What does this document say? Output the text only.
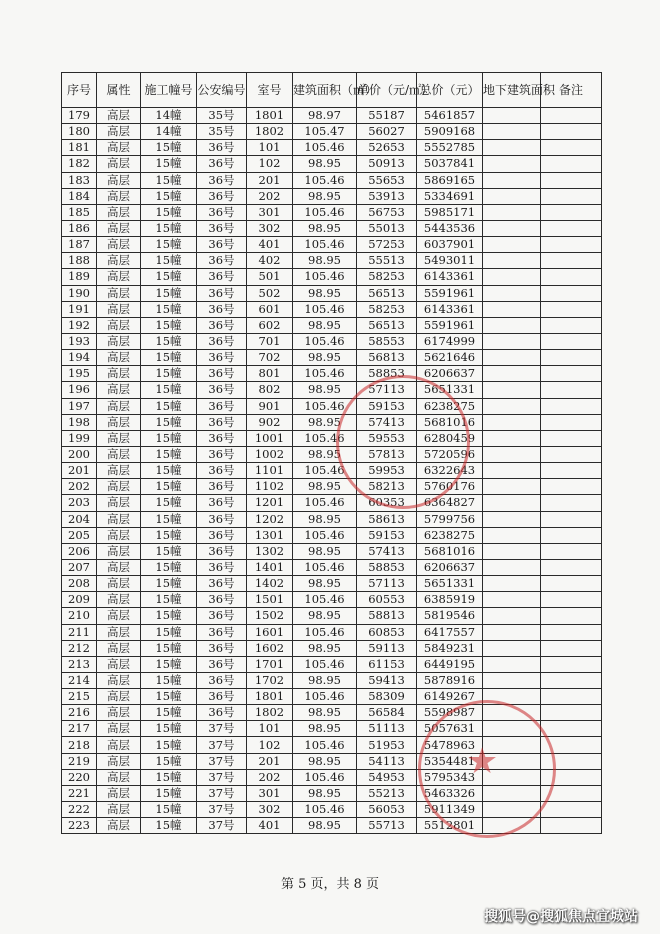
序号	属性	施工幢号	公安编号	室号	建筑面积（㎡）	单价（元/㎡）	总价（元）	地下建筑面积	备注
179	高层	14幢	35号	1801	98.97	55187	5461857		
180	高层	14幢	35号	1802	105.47	56027	5909168		
181	高层	15幢	36号	101	105.46	52653	5552785		
182	高层	15幢	36号	102	98.95	50913	5037841		
183	高层	15幢	36号	201	105.46	55653	5869165		
184	高层	15幢	36号	202	98.95	53913	5334691		
185	高层	15幢	36号	301	105.46	56753	5985171		
186	高层	15幢	36号	302	98.95	55013	5443536		
187	高层	15幢	36号	401	105.46	57253	6037901		
188	高层	15幢	36号	402	98.95	55513	5493011		
189	高层	15幢	36号	501	105.46	58253	6143361		
190	高层	15幢	36号	502	98.95	56513	5591961		
191	高层	15幢	36号	601	105.46	58253	6143361		
192	高层	15幢	36号	602	98.95	56513	5591961		
193	高层	15幢	36号	701	105.46	58553	6174999		
194	高层	15幢	36号	702	98.95	56813	5621646		
195	高层	15幢	36号	801	105.46	58853	6206637		
196	高层	15幢	36号	802	98.95	57113	5651331		
197	高层	15幢	36号	901	105.46	59153	6238275		
198	高层	15幢	36号	902	98.95	57413	5681016		
199	高层	15幢	36号	1001	105.46	59553	6280459		
200	高层	15幢	36号	1002	98.95	57813	5720596		
201	高层	15幢	36号	1101	105.46	59953	6322643		
202	高层	15幢	36号	1102	98.95	58213	5760176		
203	高层	15幢	36号	1201	105.46	60353	6364827		
204	高层	15幢	36号	1202	98.95	58613	5799756		
205	高层	15幢	36号	1301	105.46	59153	6238275		
206	高层	15幢	36号	1302	98.95	57413	5681016		
207	高层	15幢	36号	1401	105.46	58853	6206637		
208	高层	15幢	36号	1402	98.95	57113	5651331		
209	高层	15幢	36号	1501	105.46	60553	6385919		
210	高层	15幢	36号	1502	98.95	58813	5819546		
211	高层	15幢	36号	1601	105.46	60853	6417557		
212	高层	15幢	36号	1602	98.95	59113	5849231		
213	高层	15幢	36号	1701	105.46	61153	6449195		
214	高层	15幢	36号	1702	98.95	59413	5878916		
215	高层	15幢	36号	1801	105.46	58309	6149267		
216	高层	15幢	36号	1802	98.95	56584	5598987		
217	高层	15幢	37号	101	98.95	51113	5057631		
218	高层	15幢	37号	102	105.46	51953	5478963		
219	高层	15幢	37号	201	98.95	54113	5354481		
220	高层	15幢	37号	202	105.46	54953	5795343		
221	高层	15幢	37号	301	98.95	55213	5463326		
222	高层	15幢	37号	302	105.46	56053	5911349		
223	高层	15幢	37号	401	98.95	55713	5512801		
★
第 5 页，共 8 页
搜狐号@搜狐焦点宜城站
